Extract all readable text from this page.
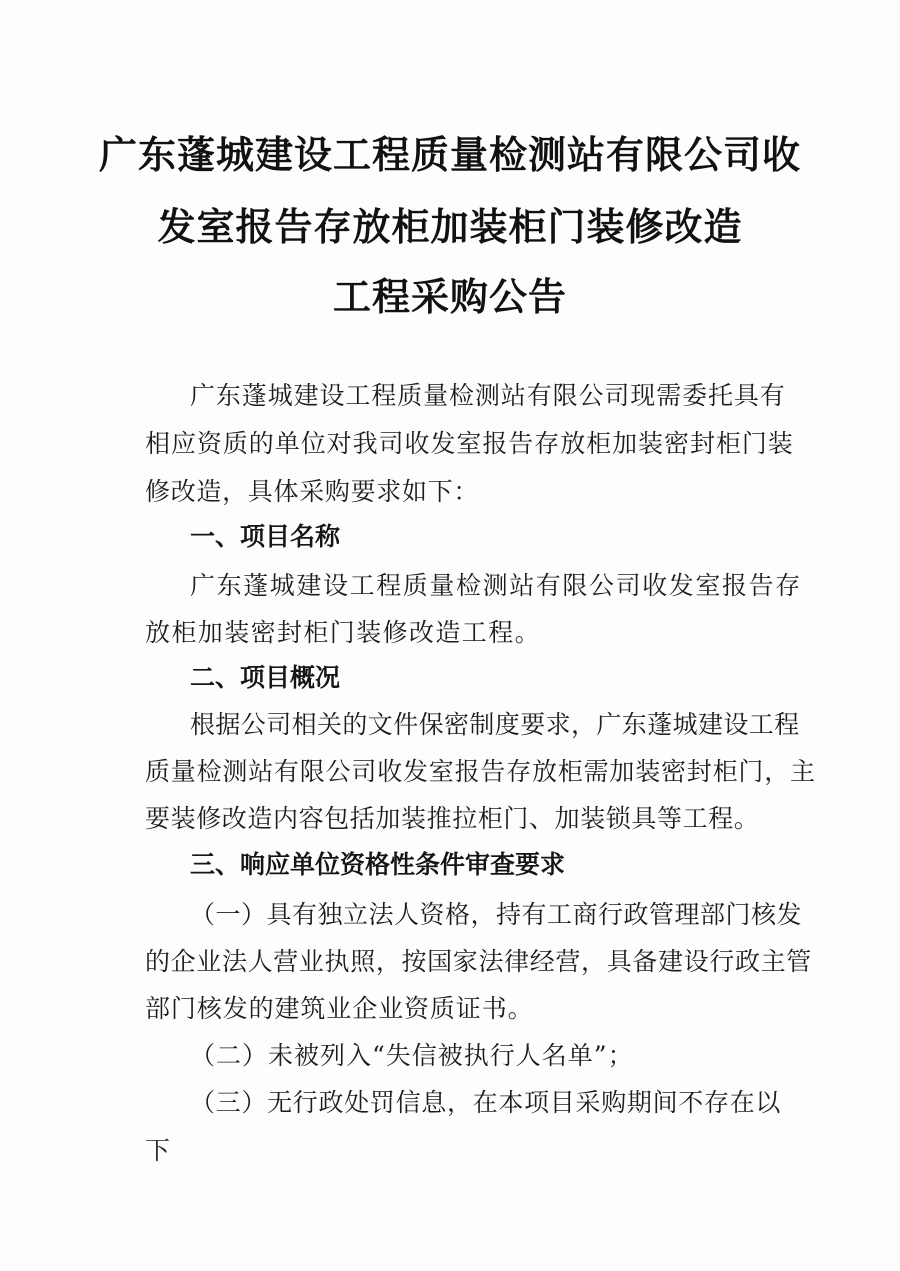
广东蓬城建设工程质量检测站有限公司收
发室报告存放柜加装柜门装修改造
工程采购公告
广东蓬城建设工程质量检测站有限公司现需委托具有
相应资质的单位对我司收发室报告存放柜加装密封柜门装
修改造，具体采购要求如下：
一、项目名称
广东蓬城建设工程质量检测站有限公司收发室报告存
放柜加装密封柜门装修改造工程。
二、项目概况
根据公司相关的文件保密制度要求，广东蓬城建设工程
质量检测站有限公司收发室报告存放柜需加装密封柜门，主
要装修改造内容包括加装推拉柜门、加装锁具等工程。
三、响应单位资格性条件审查要求
（一）具有独立法人资格，持有工商行政管理部门核发
的企业法人营业执照，按国家法律经营，具备建设行政主管
部门核发的建筑业企业资质证书。
（二）未被列入“失信被执行人名单”；
（三）无行政处罚信息，在本项目采购期间不存在以
下
